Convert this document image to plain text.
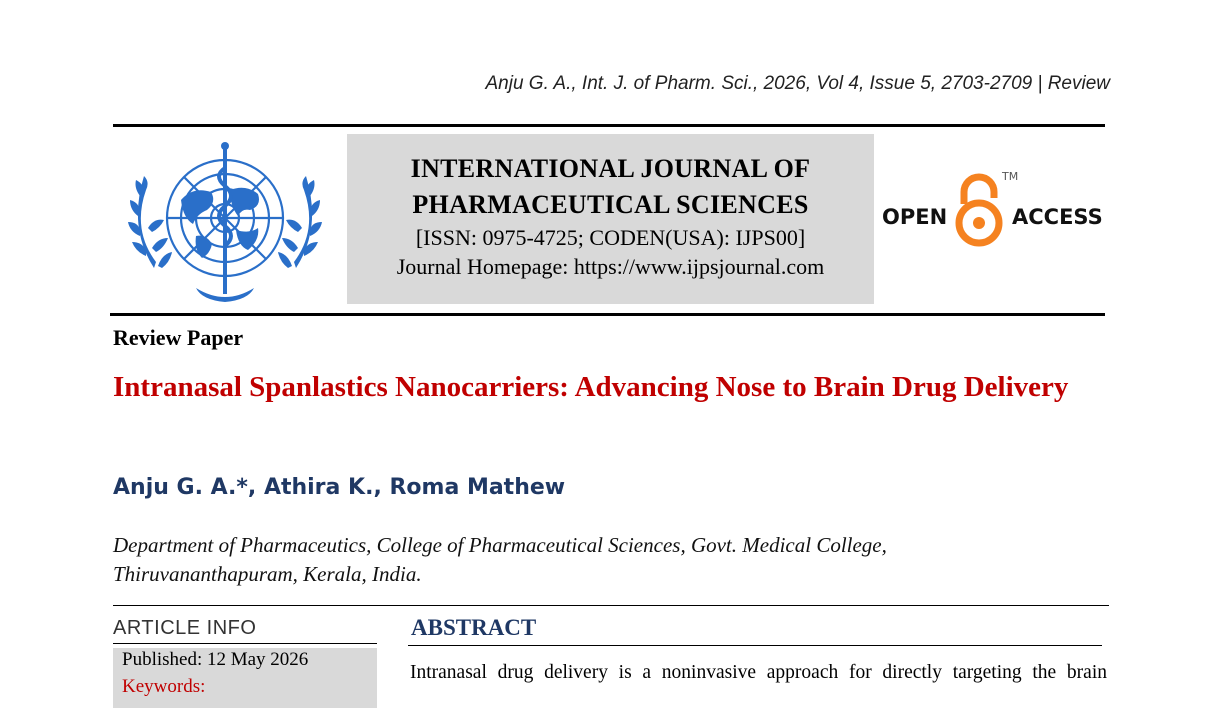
Anju G. A., Int. J. of Pharm. Sci., 2026, Vol 4, Issue 5, 2703-2709 | Review
INTERNATIONAL JOURNAL OF
PHARMACEUTICAL SCIENCES
[ISSN: 0975-4725; CODEN(USA): IJPS00]
Journal Homepage: https://www.ijpsjournal.com
OPEN
TM
ACCESS
Review Paper
Intranasal Spanlastics Nanocarriers: Advancing Nose to Brain Drug Delivery
Anju G. A.*, Athira K., Roma Mathew
Department of Pharmaceutics, College of Pharmaceutical Sciences, Govt. Medical College, Thiruvananthapuram, Kerala, India.
ARTICLE INFO
Published: 12 May 2026
Keywords:
ABSTRACT
Intranasal drug delivery is a noninvasive approach for directly targeting the brain
